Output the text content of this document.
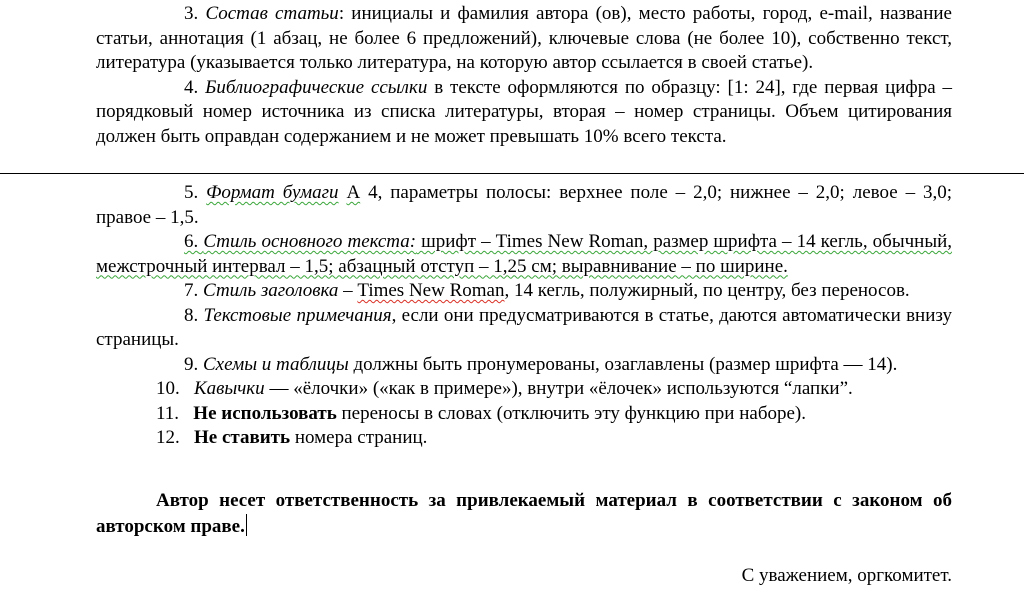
3. Состав статьи: инициалы и фамилия автора (ов), место работы, город, e-mail, название статьи, аннотация (1 абзац, не более 6 предложений), ключевые слова (не более 10), собственно текст, литература (указывается только литература, на которую автор ссылается в своей статье).

4. Библиографические ссылки в тексте оформляются по образцу: [1: 24], где первая цифра – порядковый номер источника из списка литературы, вторая – номер страницы. Объем цитирования должен быть оправдан содержанием и не может превышать 10% всего текста.

5. Формат бумаги А 4, параметры полосы: верхнее поле – 2,0; нижнее – 2,0; левое – 3,0; правое – 1,5.

6. Стиль основного текста: шрифт – Times New Roman, размер шрифта – 14 кегль, обычный, межстрочный интервал – 1,5; абзацный отступ – 1,25 см; выравнивание – по ширине.

7. Стиль заголовка – Times New Roman, 14 кегль, полужирный, по центру, без переносов.

8. Текстовые примечания, если они предусматриваются в статье, даются автоматически внизу страницы.

9. Схемы и таблицы должны быть пронумерованы, озаглавлены (размер шрифта — 14).

10. Кавычки — «ёлочки» («как в примере»), внутри «ёлочек» используются “лапки”.

11. Не использовать переносы в словах (отключить эту функцию при наборе).

12. Не ставить номера страниц.

Автор несет ответственность за привлекаемый материал в соответствии с законом об авторском праве.

С уважением, оргкомитет.
